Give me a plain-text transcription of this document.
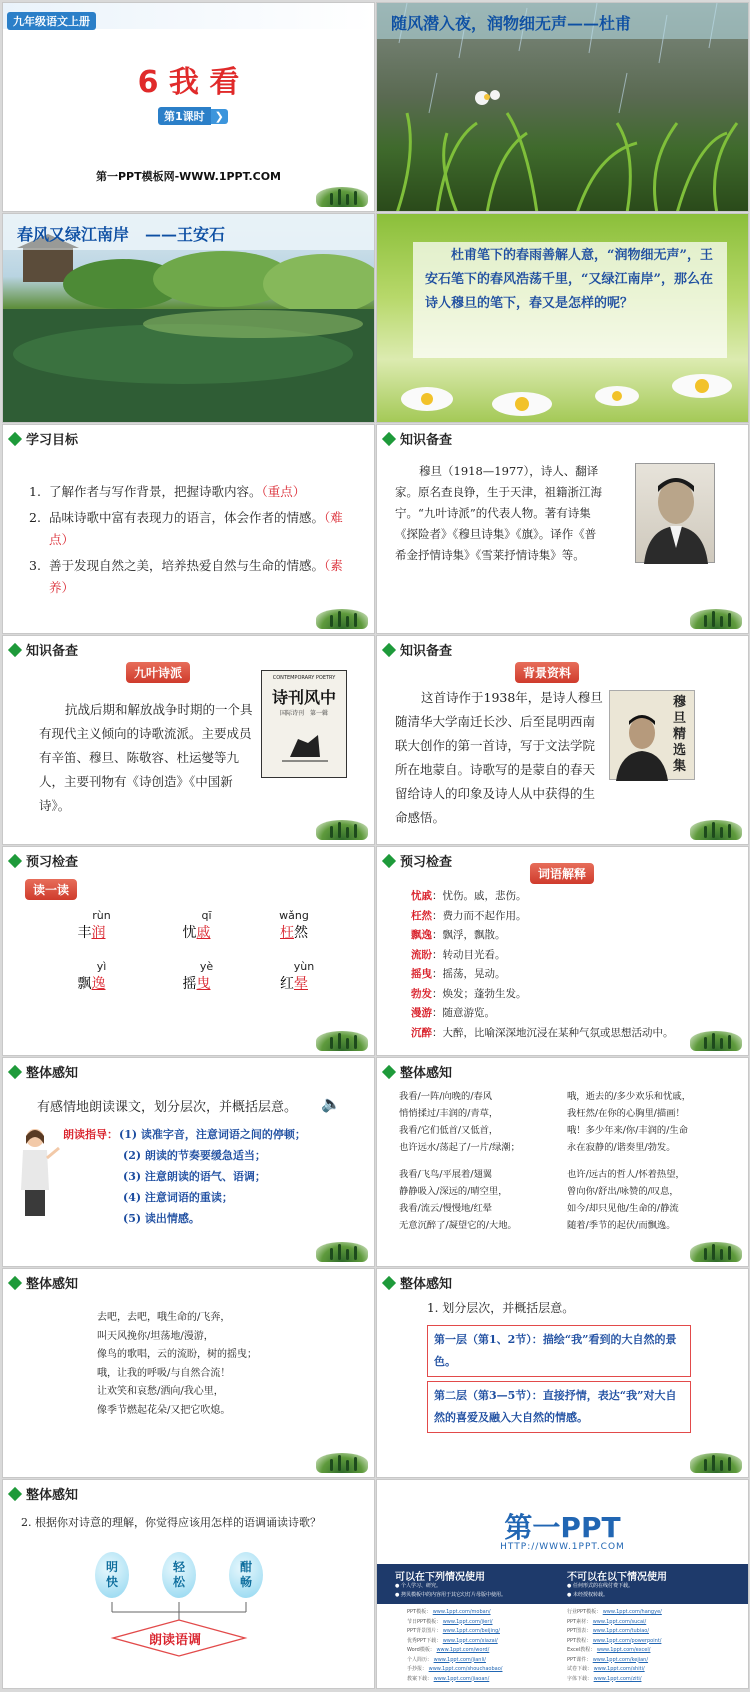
九年级语文上册
6 我 看
第1课时 ❯
第一PPT模板网-WWW.1PPT.COM
随风潜入夜，润物细无声——杜甫
春风又绿江南岸　——王安石
杜甫笔下的春雨善解人意，“润物细无声”，王安石笔下的春风浩荡千里，“又绿江南岸”，那么在诗人穆旦的笔下，春又是怎样的呢？
学习目标
1. 了解作者与写作背景，把握诗歌内容。（重点）
2. 品味诗歌中富有表现力的语言，体会作者的情感。（难点）
3. 善于发现自然之美，培养热爱自然与生命的情感。（素养）
知识备查
穆旦（1918—1977），诗人、翻译家。原名查良铮，生于天津，祖籍浙江海宁。“九叶诗派”的代表人物。著有诗集《探险者》《穆旦诗集》《旗》。译作《普希金抒情诗集》《雪莱抒情诗集》等。
知识备查
九叶诗派
抗战后期和解放战争时期的一个具有现代主义倾向的诗歌流派。主要成员有辛笛、穆旦、陈敬容、杜运燮等九人，主要刊物有《诗创造》《中国新诗》。
CONTEMPORARY POETRY
诗刊风中
国际诗刊　第一辑
知识备查
背景资料
这首诗作于1938年，是诗人穆旦随清华大学南迁长沙、后至昆明西南联大创作的第一首诗，写于文法学院所在地蒙自。诗歌写的是蒙自的春天留给诗人的印象及诗人从中获得的生命感悟。
穆旦精选集
预习检查
读一读
rùn
丰润
qī
忧戚
wǎng
枉然
yì
飘逸
yè
摇曳
yùn
红晕
预习检查
词语解释
忧戚：忧伤。戚，悲伤。
枉然：费力而不起作用。
飘逸：飘浮，飘散。
流盼：转动目光看。
摇曳：摇荡，晃动。
勃发：焕发；蓬勃生发。
漫游：随意游览。
沉醉：大醉，比喻深深地沉浸在某种气氛或思想活动中。
整体感知
有感情地朗读课文，划分层次，并概括层意。 🔈
朗读指导： (1) 读准字音，注意词语之间的停顿；
(2) 朗读的节奏要缓急适当；
(3) 注意朗读的语气、语调；
(4) 注意词语的重读；
(5) 读出情感。
整体感知
我看/一阵/向晚的/春风
悄悄揉过/丰润的/青草，
我看/它们低首/又低首，
也许远水/荡起了/一片/绿潮；
我看/飞鸟/平展着/翅翼
静静吸入/深远的/晴空里，
我看/流云/慢慢地/红晕
无意沉醉了/凝望它的/大地。
哦，逝去的/多少欢乐和忧戚，
我枉然/在你的心胸里/描画！
哦！多少年来/你/丰润的/生命
永在寂静的/谐奏里/勃发。
也许/远古的哲人/怀着热望，
曾向你/舒出/咏赞的/叹息，
如今/却只见他/生命的/静流
随着/季节的起伏/而飘逸。
整体感知
去吧，去吧，哦生命的/飞奔，
叫天风挽你/坦荡地/漫游，
像鸟的歌唱，云的流盼，树的摇曳；
哦，让我的呼吸/与自然合流！
让欢笑和哀愁/洒向/我心里，
像季节燃起花朵/又把它吹熄。
整体感知
1. 划分层次，并概括层意。
第一层（第1、2节）：描绘“我”看到的大自然的景色。
第二层（第3—5节）：直接抒情，表达“我”对大自然的喜爱及融入大自然的情感。
整体感知
2. 根据你对诗意的理解，你觉得应该用怎样的语调诵读诗歌？
明快
轻松
酣畅
朗读语调
第一PPT
HTTP://WWW.1PPT.COM
可以在下列情况使用
● 个人学习、研究。
● 拷贝模板中的内容用于其它幻灯片母版中使用。
不可以在以下情况使用
● 任何形式的在线付费下载。
● 未经授权转载。
PPT模板： www.1ppt.com/moban/
节日PPT模板： www.1ppt.com/jieri/
PPT背景图片： www.1ppt.com/beijing/
优秀PPT下载： www.1ppt.com/xiazai/
Word模板： www.1ppt.com/word/
个人简历： www.1ppt.com/jianli/
手抄报： www.1ppt.com/shouchaobao/
教案下载： www.1ppt.com/jiaoan/
行业PPT模板： www.1ppt.com/hangye/
PPT素材： www.1ppt.com/sucai/
PPT图表： www.1ppt.com/tubiao/
PPT教程： www.1ppt.com/powerpoint/
Excel教程： www.1ppt.com/excel/
PPT课件： www.1ppt.com/kejian/
试卷下载： www.1ppt.com/shiti/
字体下载： www.1ppt.com/ziti/
